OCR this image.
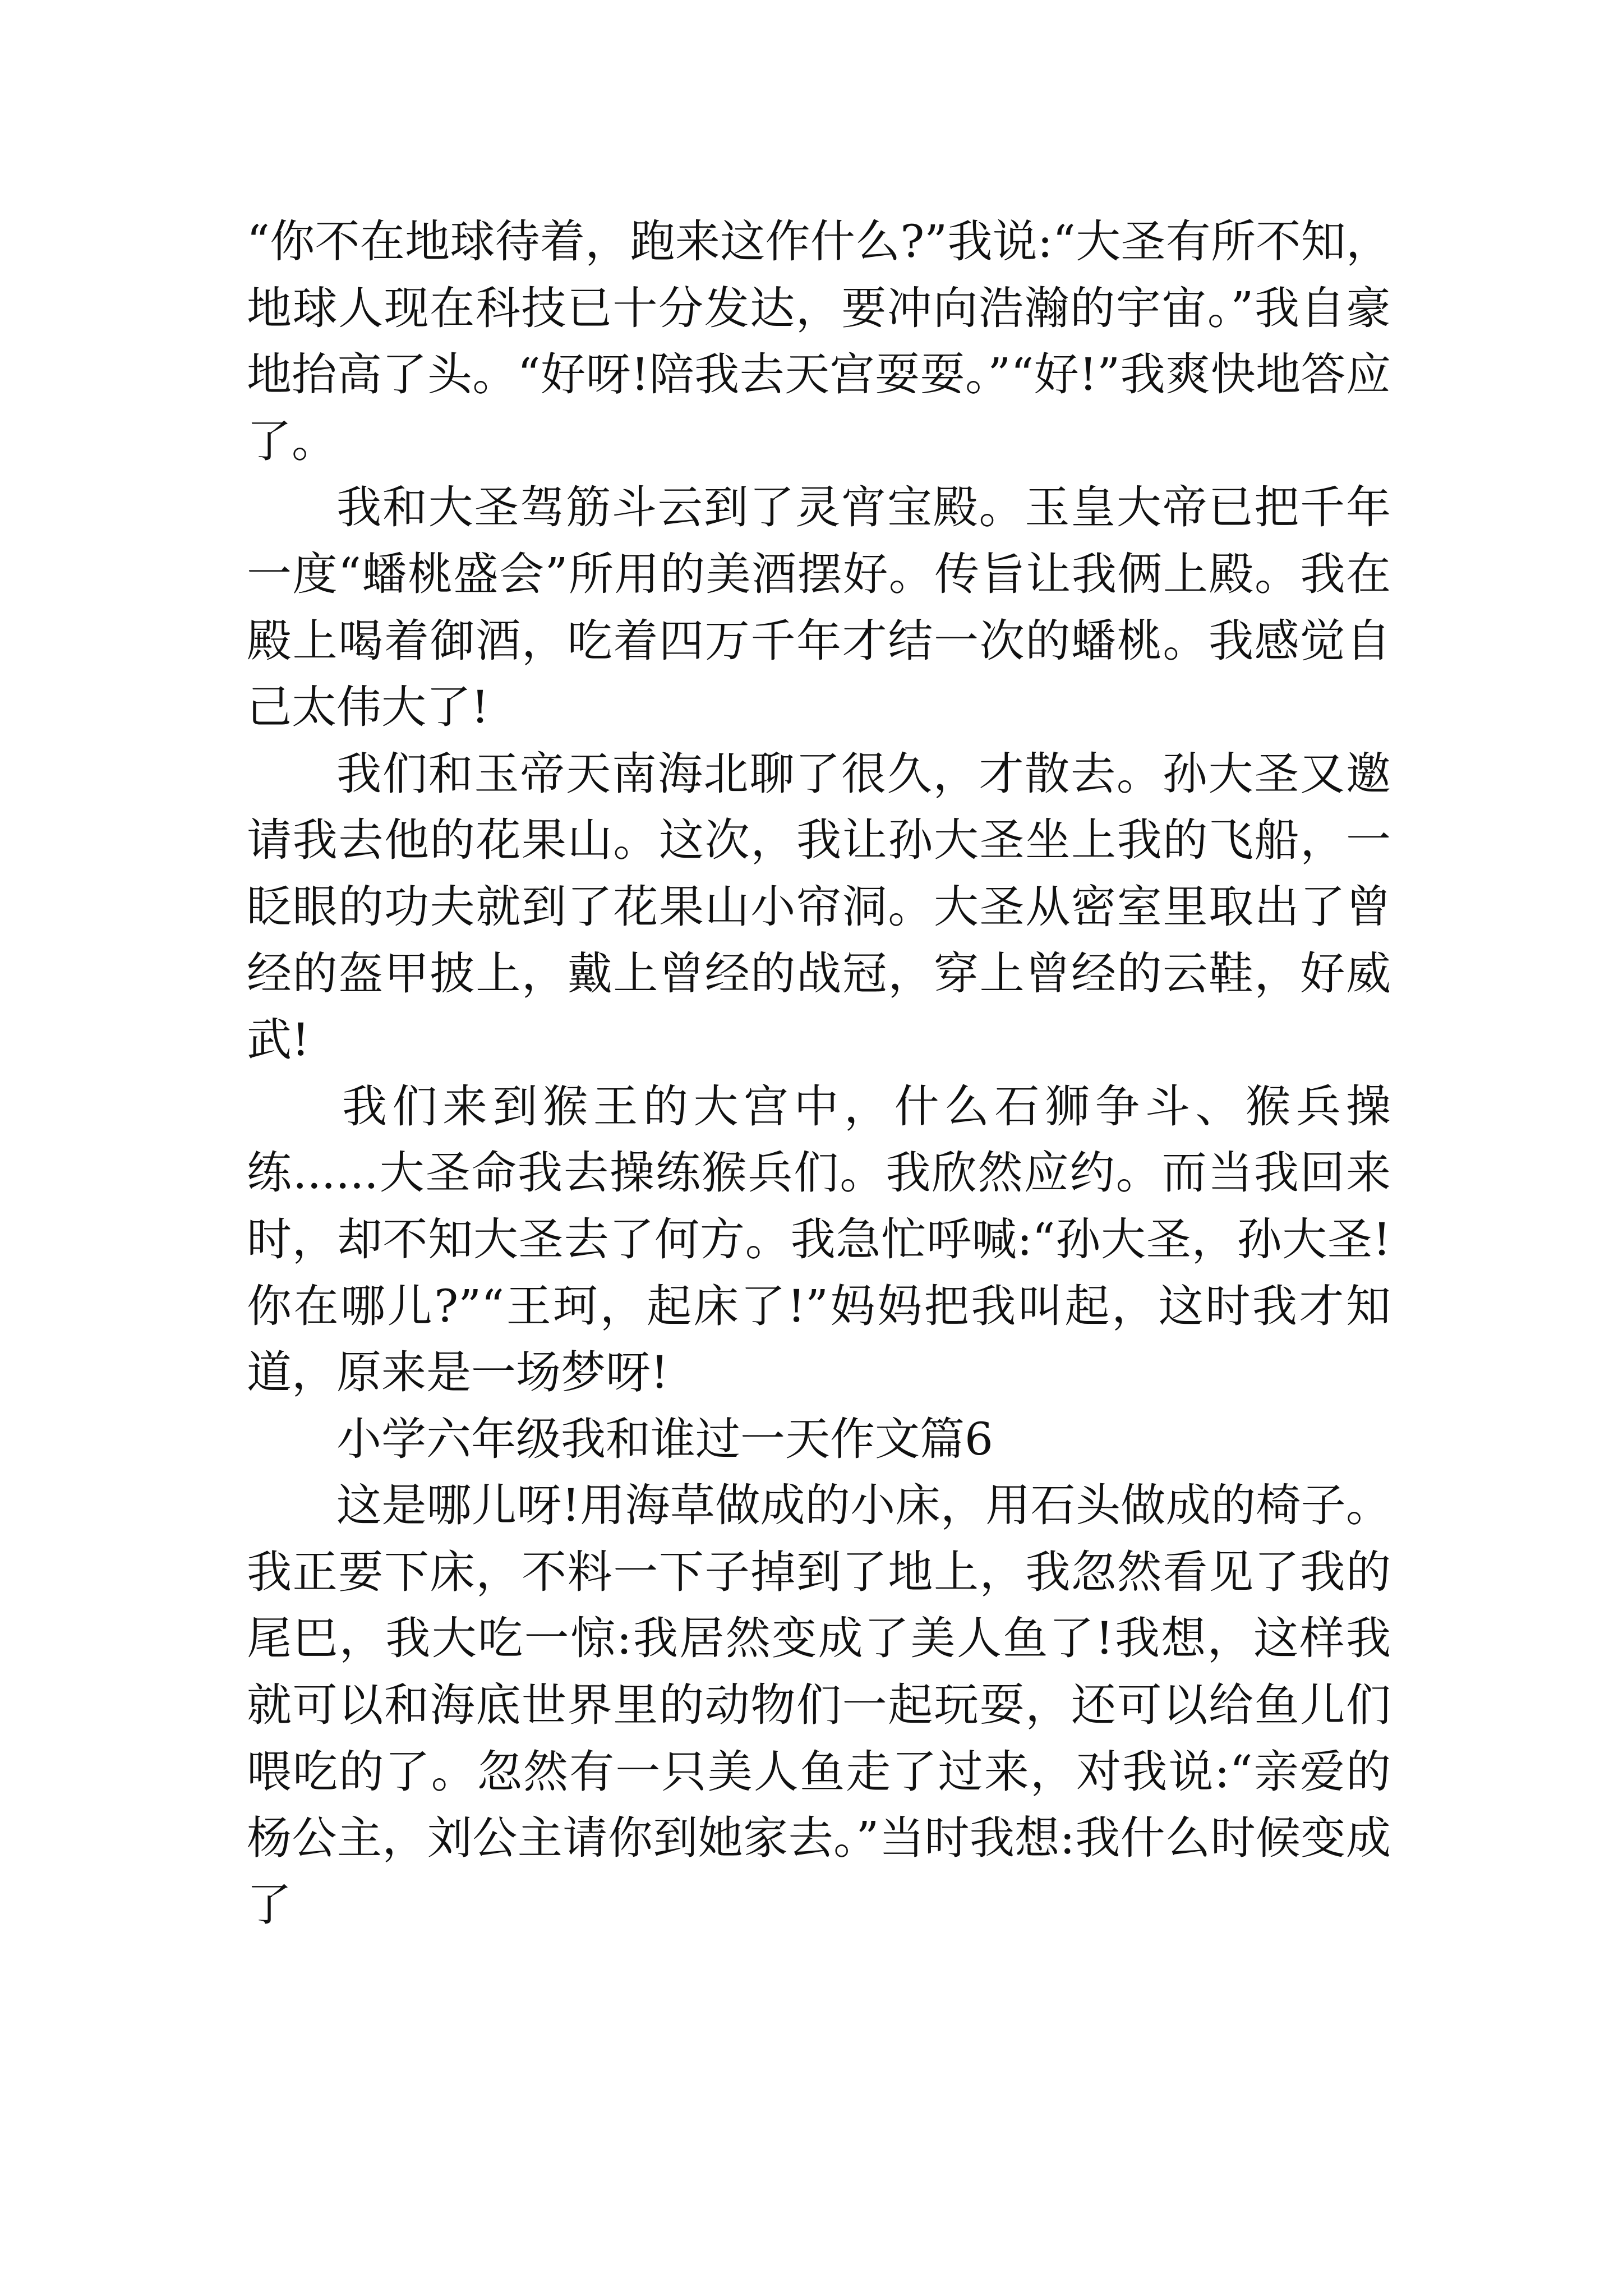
“你不在地球待着，跑来这作什么?”我说:“大圣有所不知，地球人现在科技已十分发达，要冲向浩瀚的宇宙。”我自豪地抬高了头。“好呀!陪我去天宫耍耍。”“好!”我爽快地答应了。

我和大圣驾筋斗云到了灵宵宝殿。玉皇大帝已把千年一度“蟠桃盛会”所用的美酒摆好。传旨让我俩上殿。我在殿上喝着御酒，吃着四万千年才结一次的蟠桃。我感觉自己太伟大了!

我们和玉帝天南海北聊了很久，才散去。孙大圣又邀请我去他的花果山。这次，我让孙大圣坐上我的飞船，一眨眼的功夫就到了花果山小帘洞。大圣从密室里取出了曾经的盔甲披上，戴上曾经的战冠，穿上曾经的云鞋，好威武!

我们来到猴王的大宫中，什么石狮争斗、猴兵操练......大圣命我去操练猴兵们。我欣然应约。而当我回来时，却不知大圣去了何方。我急忙呼喊:“孙大圣，孙大圣!你在哪儿?”“王珂，起床了!”妈妈把我叫起，这时我才知道，原来是一场梦呀!

小学六年级我和谁过一天作文篇6

这是哪儿呀!用海草做成的小床，用石头做成的椅子。我正要下床，不料一下子掉到了地上，我忽然看见了我的尾巴，我大吃一惊:我居然变成了美人鱼了!我想，这样我就可以和海底世界里的动物们一起玩耍，还可以给鱼儿们喂吃的了。忽然有一只美人鱼走了过来，对我说:“亲爱的杨公主，刘公主请你到她家去。”当时我想:我什么时候变成了
